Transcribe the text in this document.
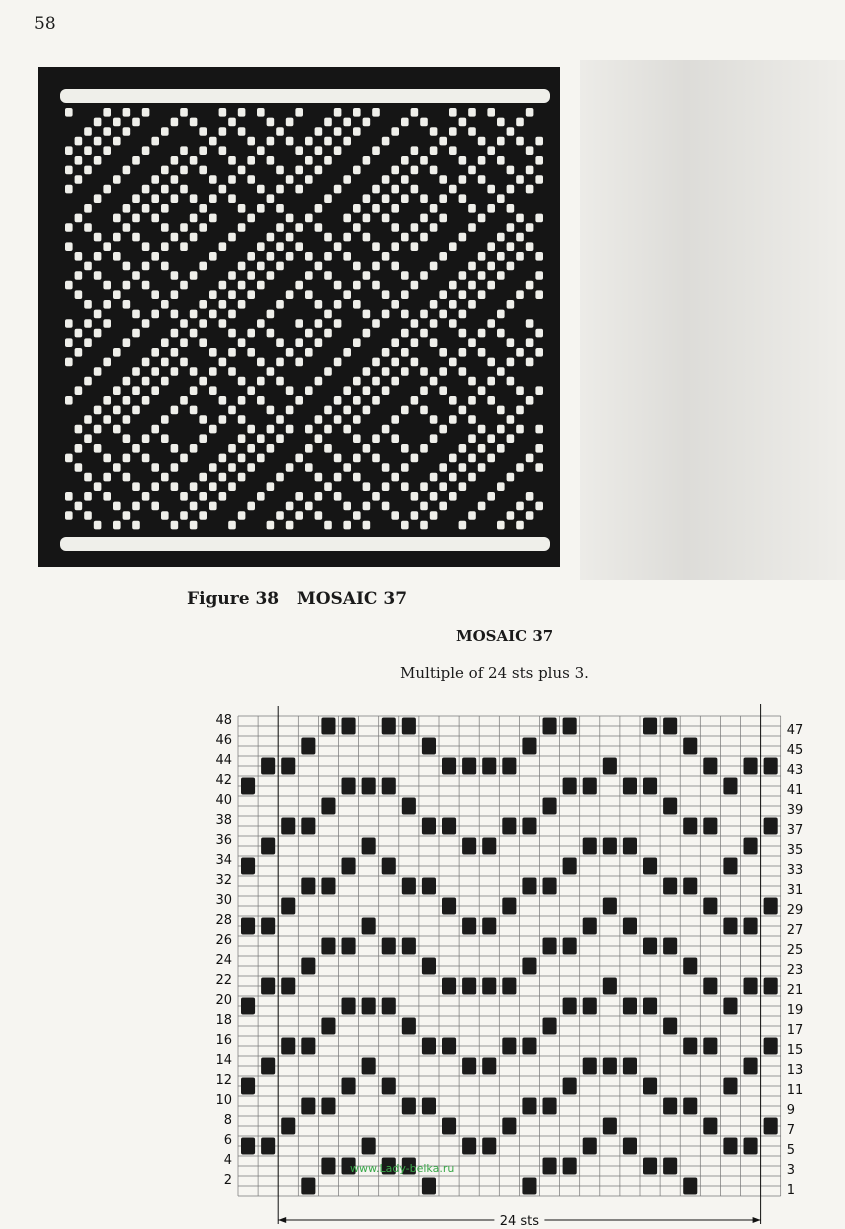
58
Figure 38 MOSAIC 37
MOSAIC 37
Multiple of 24 sts plus 3.
48
46
44
42
40
38
36
34
32
30
28
26
24
22
20
18
16
14
12
10
8
6
4
2
47
45
43
41
39
37
35
33
31
29
27
25
23
21
19
17
15
13
11
9
7
5
3
1
24 sts
www.Lady-belka.ru
